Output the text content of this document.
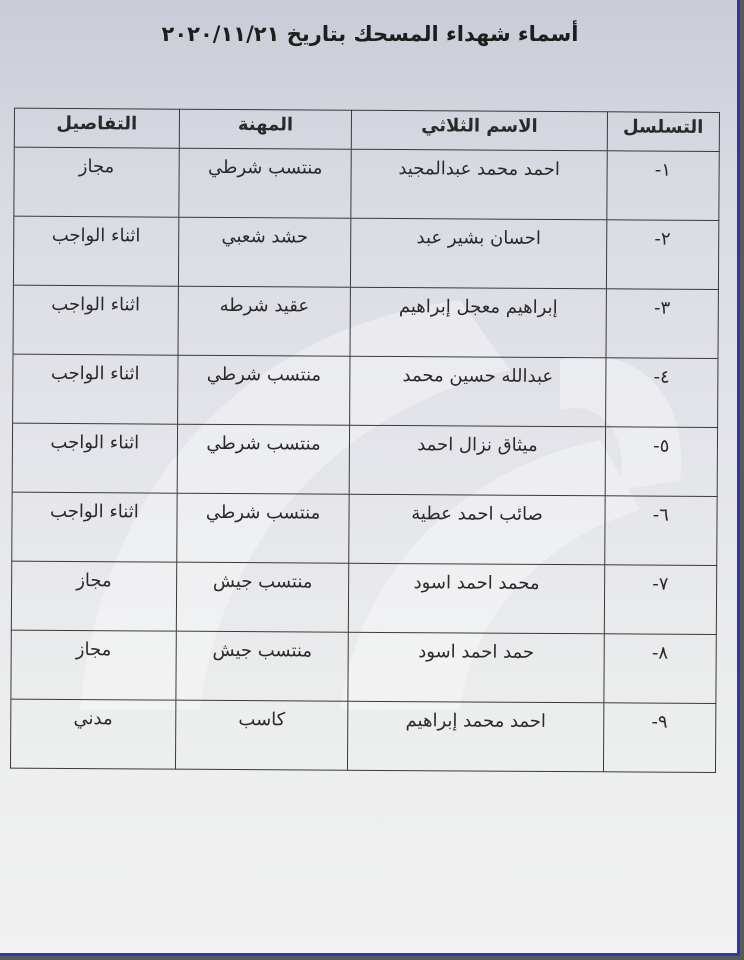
أسماء شهداء المسحك بتاريخ ٢٠٢٠/١١/٢١
التسلسل	الاسم الثلاثي	المهنة	التفاصيل
١-	احمد محمد عبدالمجيد	منتسب شرطي	مجاز
٢-	احسان بشير عبد	حشد شعبي	اثناء الواجب
٣-	إبراهيم معجل إبراهيم	عقيد شرطه	اثناء الواجب
٤-	عبدالله حسين محمد	منتسب شرطي	اثناء الواجب
٥-	ميثاق نزال احمد	منتسب شرطي	اثناء الواجب
٦-	صائب احمد عطية	منتسب شرطي	اثناء الواجب
٧-	محمد احمد اسود	منتسب جيش	مجاز
٨-	حمد احمد اسود	منتسب جيش	مجاز
٩-	احمد محمد إبراهيم	كاسب	مدني
